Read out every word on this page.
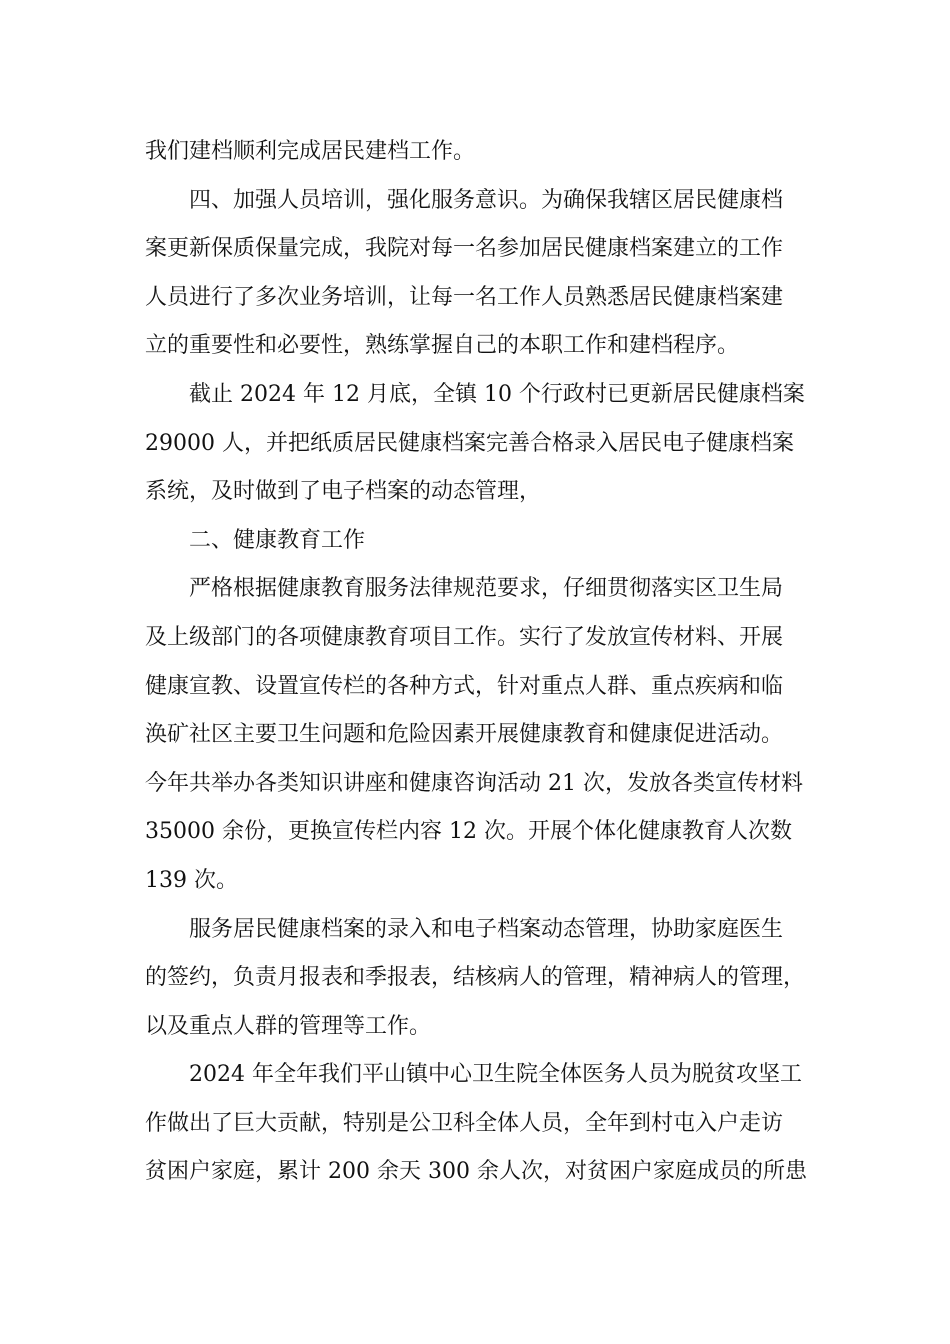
我们建档顺利完成居民建档工作。
四、加强人员培训，强化服务意识。为确保我辖区居民健康档
案更新保质保量完成，我院对每一名参加居民健康档案建立的工作
人员进行了多次业务培训，让每一名工作人员熟悉居民健康档案建
立的重要性和必要性，熟练掌握自己的本职工作和建档程序。
截止 2024 年 12 月底，全镇 10 个行政村已更新居民健康档案
29000 人，并把纸质居民健康档案完善合格录入居民电子健康档案
系统，及时做到了电子档案的动态管理，
二、健康教育工作
严格根据健康教育服务法律规范要求，仔细贯彻落实区卫生局
及上级部门的各项健康教育项目工作。实行了发放宣传材料、开展
健康宣教、设置宣传栏的各种方式，针对重点人群、重点疾病和临
涣矿社区主要卫生问题和危险因素开展健康教育和健康促进活动。
今年共举办各类知识讲座和健康咨询活动 21 次，发放各类宣传材料
35000 余份，更换宣传栏内容 12 次。开展个体化健康教育人次数
139 次。
服务居民健康档案的录入和电子档案动态管理，协助家庭医生
的签约，负责月报表和季报表，结核病人的管理，精神病人的管理，
以及重点人群的管理等工作。
2024 年全年我们平山镇中心卫生院全体医务人员为脱贫攻坚工
作做出了巨大贡献，特别是公卫科全体人员，全年到村屯入户走访
贫困户家庭，累计 200 余天 300 余人次，对贫困户家庭成员的所患
